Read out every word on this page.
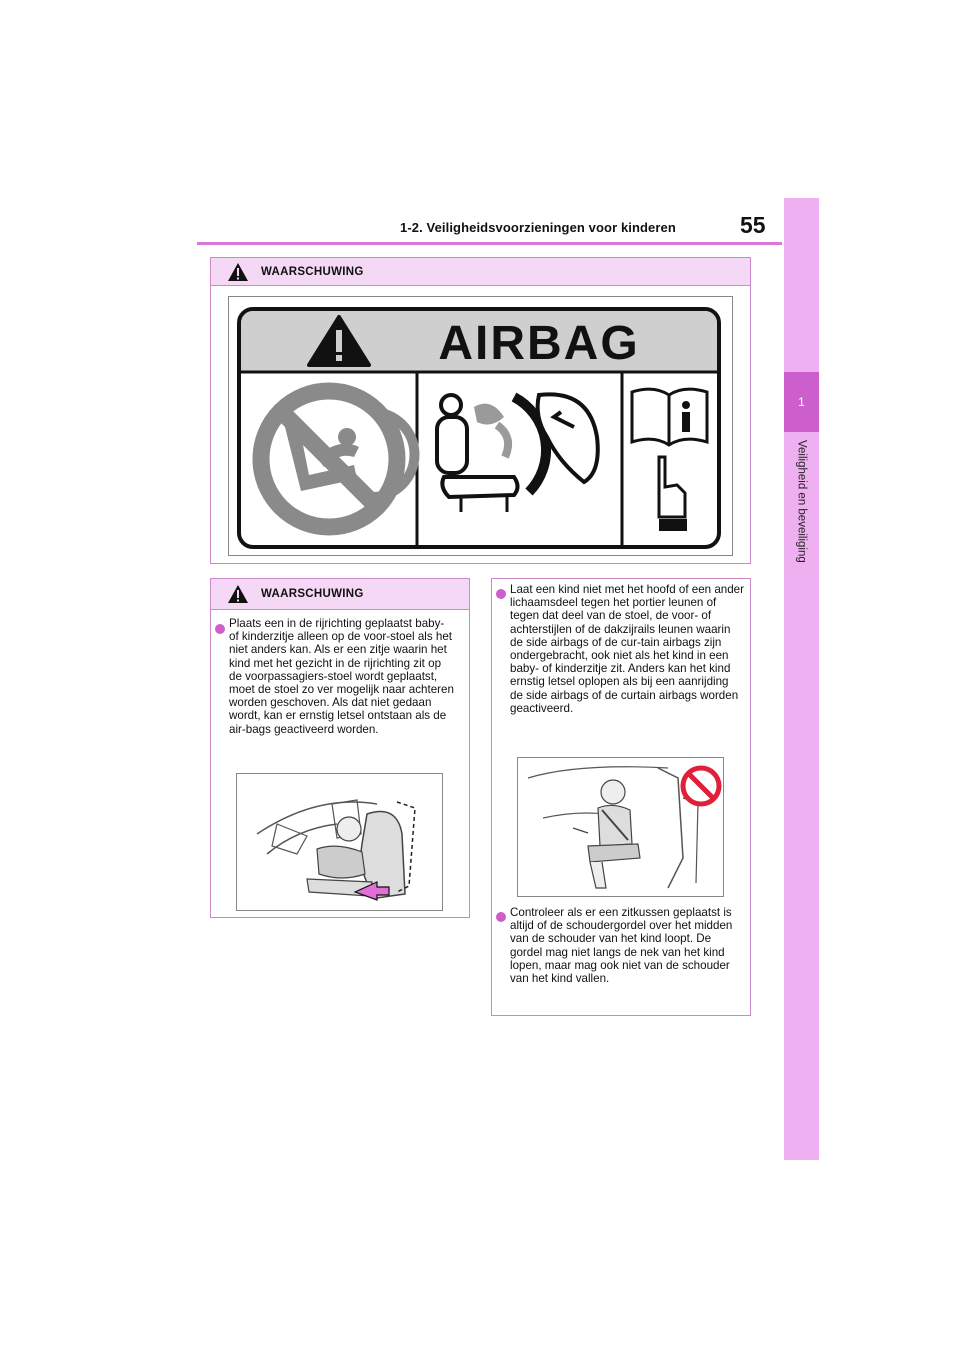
1-2. Veiligheidsvoorzieningen voor kinderen	55
1
Veiligheid en beveiliging
WAARSCHUWING
AIRBAG
WAARSCHUWING
Plaats een in de rijrichting geplaatst baby- of kinderzitje alleen op de voor-stoel als het niet anders kan. Als er een zitje waarin het kind met het gezicht in de rijrichting zit op de voorpassagiers-stoel wordt geplaatst, moet de stoel zo ver mogelijk naar achteren worden geschoven. Als dat niet gedaan wordt, kan er ernstig letsel ontstaan als de air-bags geactiveerd worden.
Laat een kind niet met het hoofd of een ander lichaamsdeel tegen het portier leunen of tegen dat deel van de stoel, de voor- of achterstijlen of de dakzijrails leunen waarin de side airbags of de cur-tain airbags zijn ondergebracht, ook niet als het kind in een baby- of kinderzitje zit. Anders kan het kind ernstig letsel oplopen als bij een aanrijding de side airbags of de curtain airbags worden geactiveerd.
Controleer als er een zitkussen geplaatst is altijd of de schoudergordel over het midden van de schouder van het kind loopt. De gordel mag niet langs de nek van het kind lopen, maar mag ook niet van de schouder van het kind vallen.
